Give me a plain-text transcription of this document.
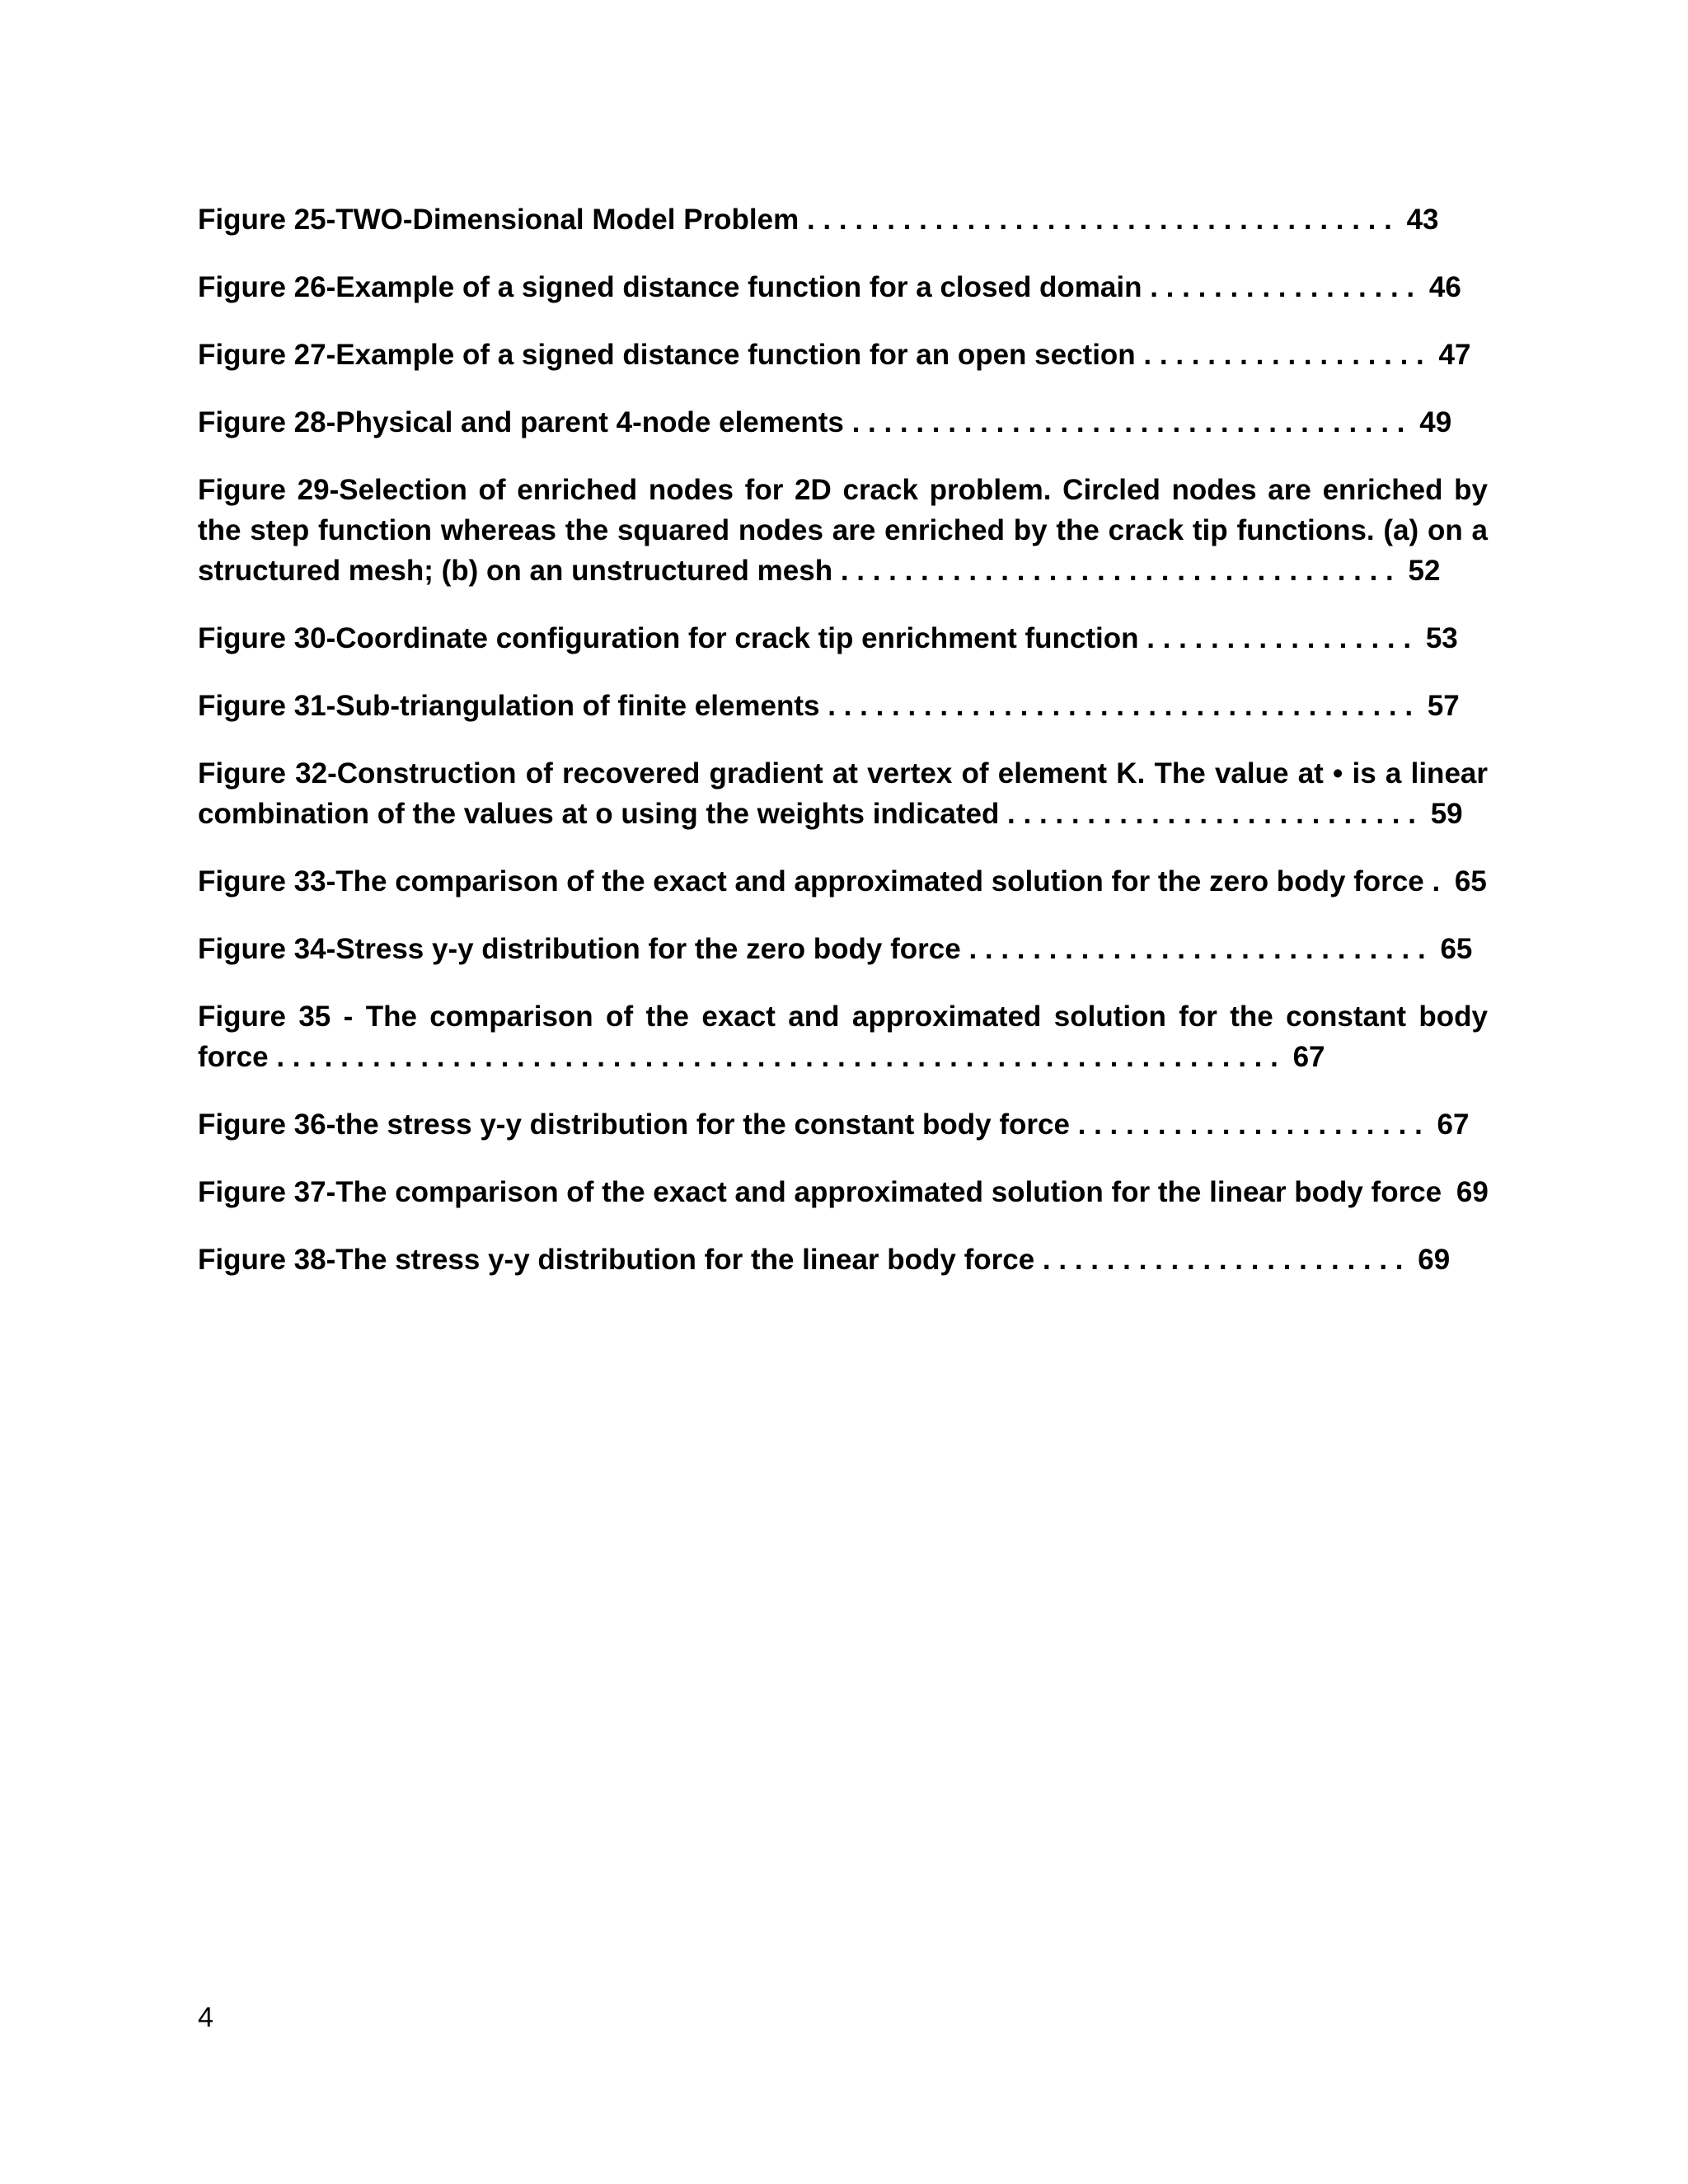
Figure 25-TWO-Dimensional Model Problem . . . . . . . . . . . . . . . . . . . . . . . . . . . . . . . . . . . . . 43

Figure 26-Example of a signed distance function for a closed domain . . . . . . . . . . . . . . . . . 46

Figure 27-Example of a signed distance function for an open section . . . . . . . . . . . . . . . . . . 47

Figure 28-Physical and parent 4-node elements . . . . . . . . . . . . . . . . . . . . . . . . . . . . . . . . . . . 49

Figure 29-Selection of enriched nodes for 2D crack problem. Circled nodes are enriched by the step function whereas the squared nodes are enriched by the crack tip functions. (a) on a structured mesh; (b) on an unstructured mesh . . . . . . . . . . . . . . . . . . . . . . . . . . . . . . . . . . . 52

Figure 30-Coordinate configuration for crack tip enrichment function . . . . . . . . . . . . . . . . . 53

Figure 31-Sub-triangulation of finite elements . . . . . . . . . . . . . . . . . . . . . . . . . . . . . . . . . . . . . 57

Figure 32-Construction of recovered gradient at vertex of element K. The value at • is a linear combination of the values at o using the weights indicated . . . . . . . . . . . . . . . . . . . . . . . . . . 59

Figure 33-The comparison of the exact and approximated solution for the zero body force . 65

Figure 34-Stress y-y distribution for the zero body force . . . . . . . . . . . . . . . . . . . . . . . . . . . . . 65

Figure 35 - The comparison of the exact and approximated solution for the constant body force . . . . . . . . . . . . . . . . . . . . . . . . . . . . . . . . . . . . . . . . . . . . . . . . . . . . . . . . . . . . . . . 67

Figure 36-the stress y-y distribution for the constant body force . . . . . . . . . . . . . . . . . . . . . . 67

Figure 37-The comparison of the exact and approximated solution for the linear body force 69

Figure 38-The stress y-y distribution for the linear body force . . . . . . . . . . . . . . . . . . . . . . . 69

4
